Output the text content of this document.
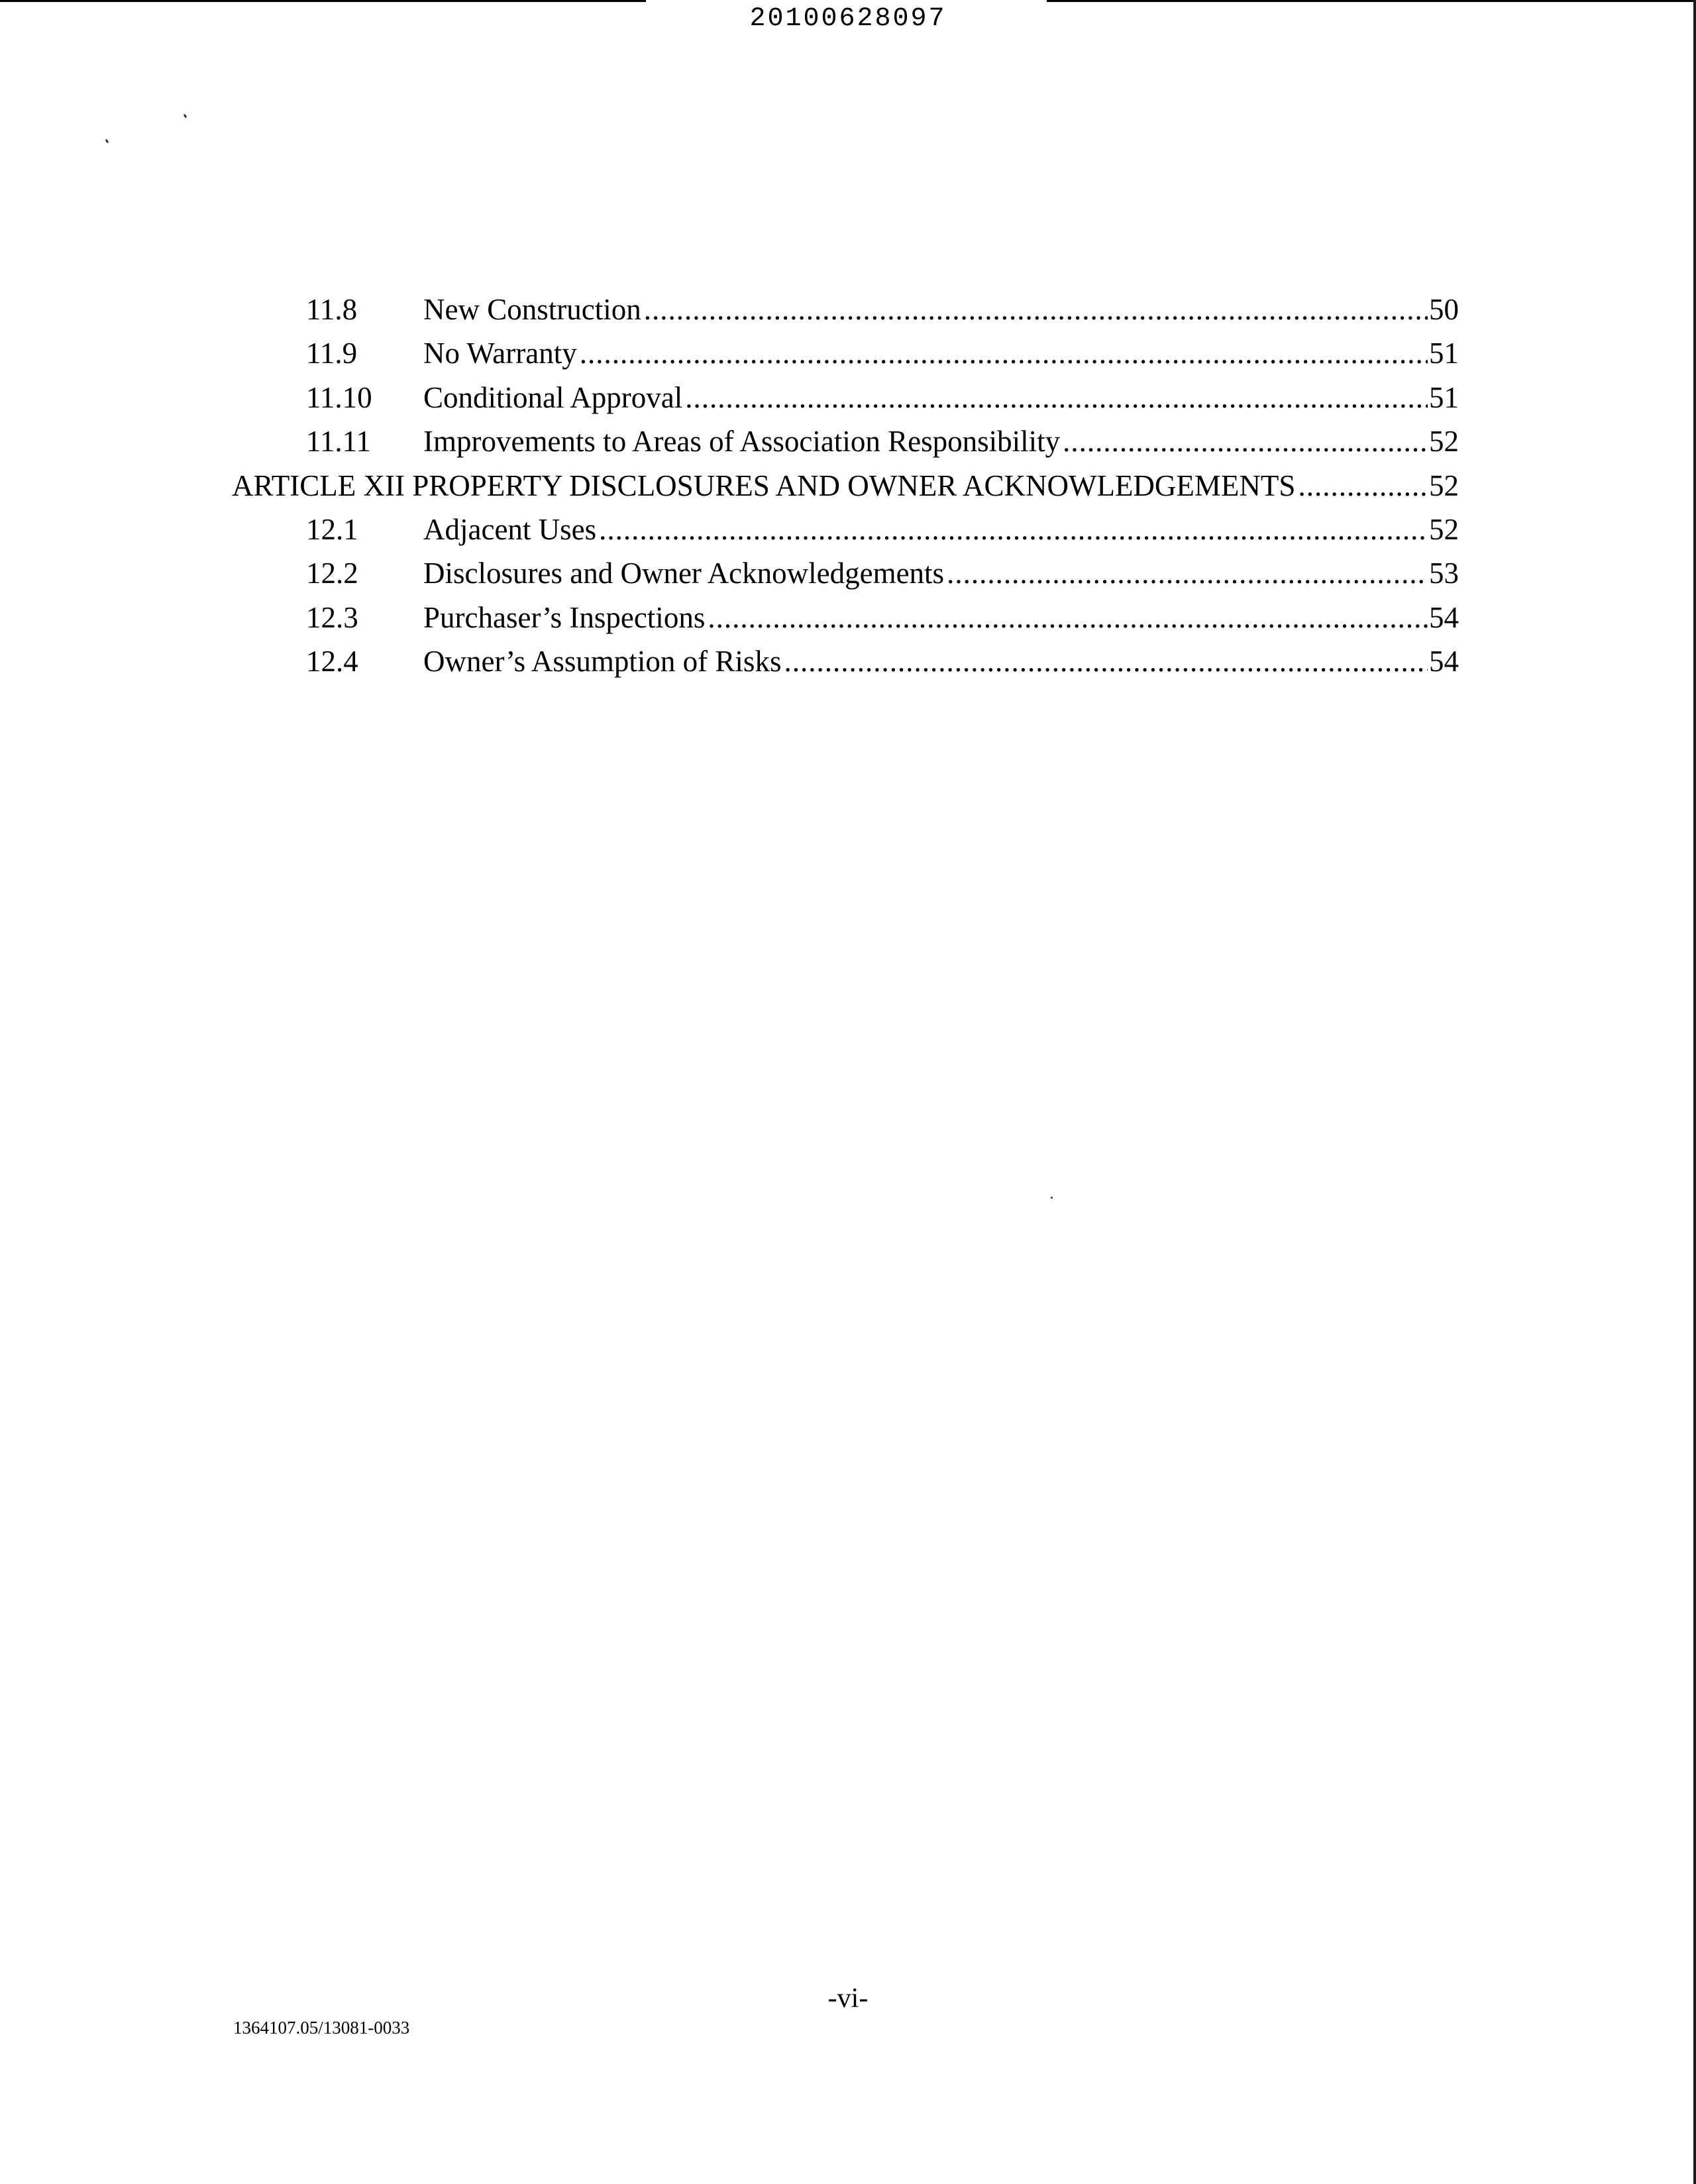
20100628097
11.8 New Construction .....	50
11.9 No Warranty .....	51
11.10 Conditional Approval .....	51
11.11 Improvements to Areas of Association Responsibility .....	52
ARTICLE XII PROPERTY DISCLOSURES AND OWNER ACKNOWLEDGEMENTS .....	52
12.1 Adjacent Uses .....	52
12.2 Disclosures and Owner Acknowledgements .....	53
12.3 Purchaser’s Inspections .....	54
12.4 Owner’s Assumption of Risks .....	54
-vi-
1364107.05/13081-0033
